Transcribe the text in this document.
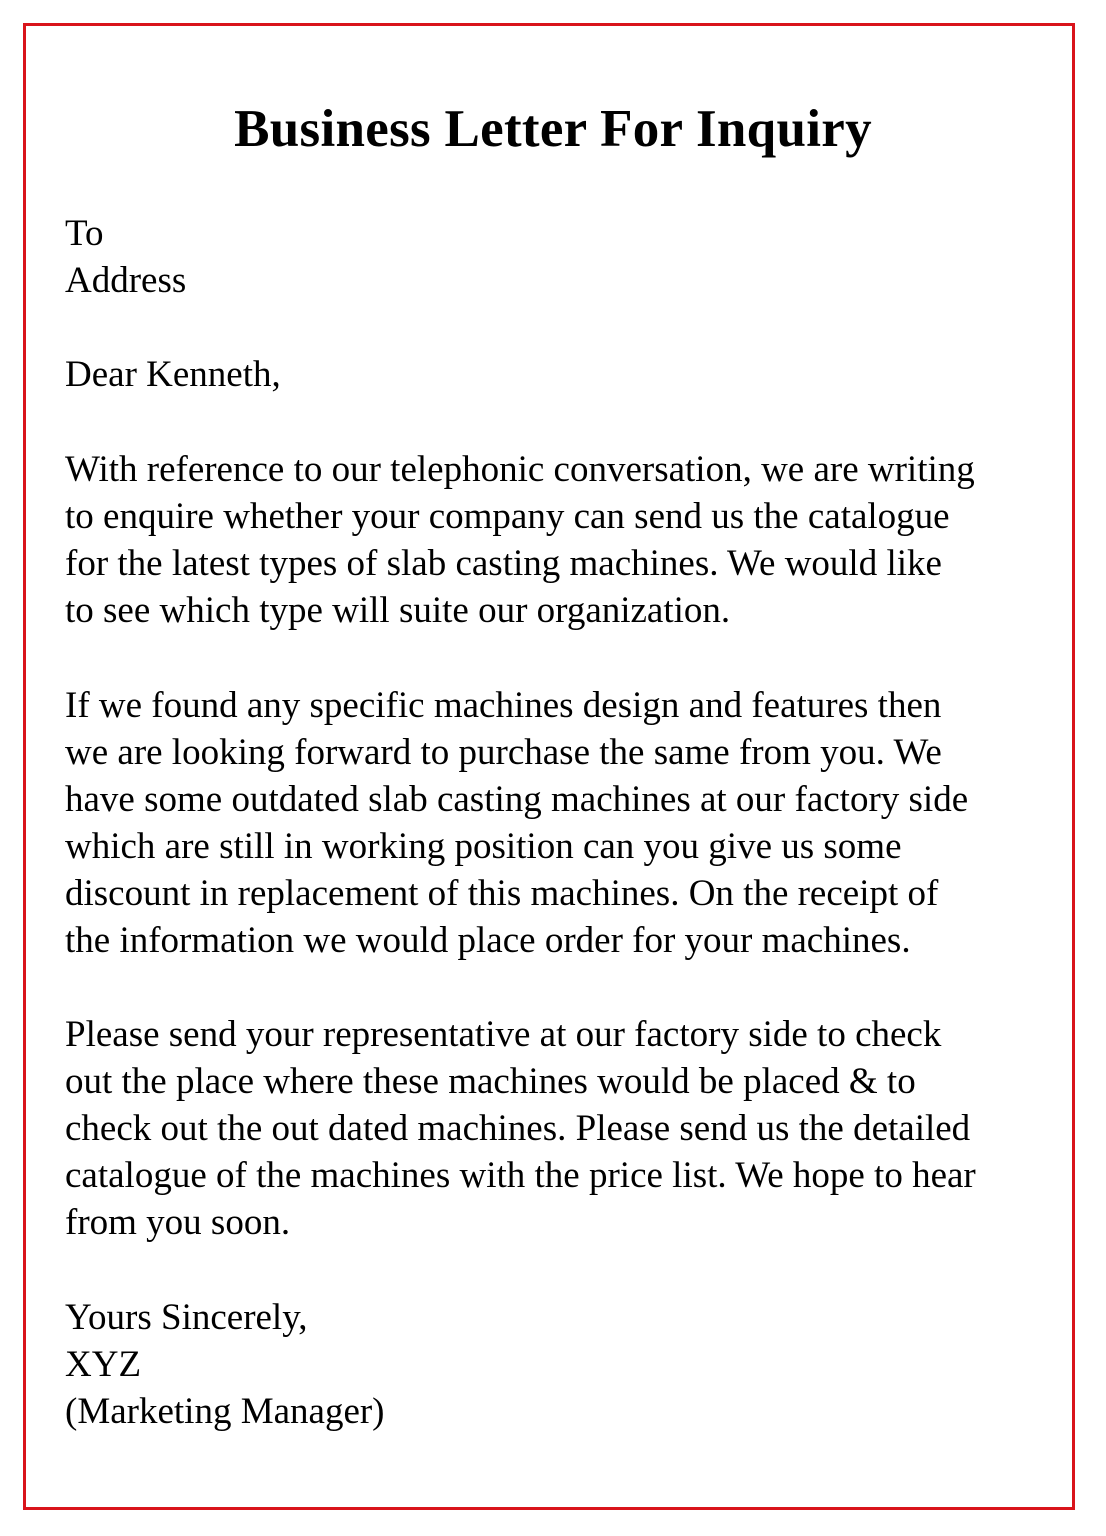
Business Letter For Inquiry
To
Address
Dear Kenneth,
With reference to our telephonic conversation, we are writing
to enquire whether your company can send us the catalogue
for the latest types of slab casting machines. We would like
to see which type will suite our organization.
If we found any specific machines design and features then
we are looking forward to purchase the same from you. We
have some outdated slab casting machines at our factory side
which are still in working position can you give us some
discount in replacement of this machines. On the receipt of
the information we would place order for your machines.
Please send your representative at our factory side to check
out the place where these machines would be placed & to
check out the out dated machines. Please send us the detailed
catalogue of the machines with the price list. We hope to hear
from you soon.
Yours Sincerely,
XYZ
(Marketing Manager)
